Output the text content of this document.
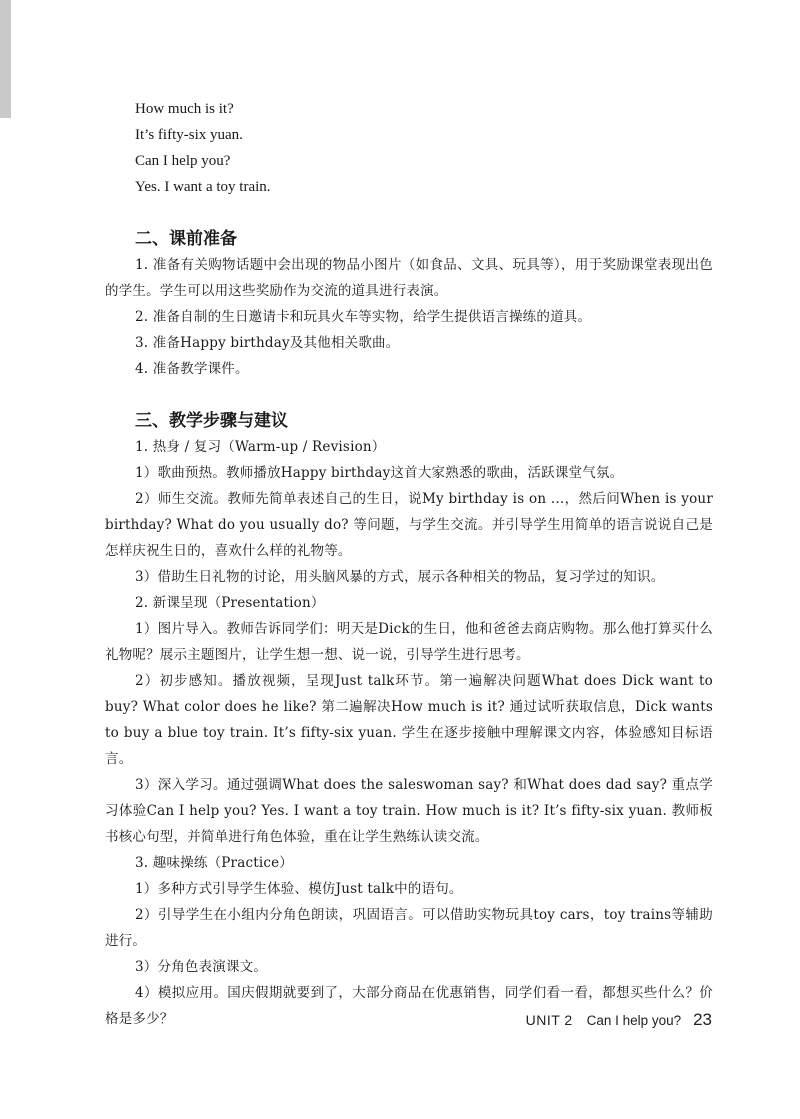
How much is it?

It’s fifty-six yuan.

Can I help you?

Yes. I want a toy train.

二、课前准备

1. 准备有关购物话题中会出现的物品小图片（如食品、文具、玩具等），用于奖励课堂表现出色的学生。学生可以用这些奖励作为交流的道具进行表演。

2. 准备自制的生日邀请卡和玩具火车等实物，给学生提供语言操练的道具。

3. 准备Happy birthday及其他相关歌曲。

4. 准备教学课件。

三、教学步骤与建议

1. 热身 / 复习（Warm-up / Revision）

1）歌曲预热。教师播放Happy birthday这首大家熟悉的歌曲，活跃课堂气氛。

2）师生交流。教师先简单表述自己的生日，说My birthday is on ...，然后问When is your birthday? What do you usually do? 等问题，与学生交流。并引导学生用简单的语言说说自己是怎样庆祝生日的，喜欢什么样的礼物等。

3）借助生日礼物的讨论，用头脑风暴的方式，展示各种相关的物品，复习学过的知识。

2. 新课呈现（Presentation）

1）图片导入。教师告诉同学们：明天是Dick的生日，他和爸爸去商店购物。那么他打算买什么礼物呢？展示主题图片，让学生想一想、说一说，引导学生进行思考。

2）初步感知。播放视频，呈现Just talk环节。第一遍解决问题What does Dick want to buy? What color does he like? 第二遍解决How much is it? 通过试听获取信息，Dick wants to buy a blue toy train. It’s fifty-six yuan. 学生在逐步接触中理解课文内容，体验感知目标语言。

3）深入学习。通过强调What does the saleswoman say? 和What does dad say? 重点学习体验Can I help you? Yes. I want a toy train. How much is it? It’s fifty-six yuan. 教师板书核心句型，并简单进行角色体验，重在让学生熟练认读交流。

3. 趣味操练（Practice）

1）多种方式引导学生体验、模仿Just talk中的语句。

2）引导学生在小组内分角色朗读，巩固语言。可以借助实物玩具toy cars，toy trains等辅助进行。

3）分角色表演课文。

4）模拟应用。国庆假期就要到了，大部分商品在优惠销售，同学们看一看，都想买些什么？价格是多少？	UNIT 2 Can I help you? 23
